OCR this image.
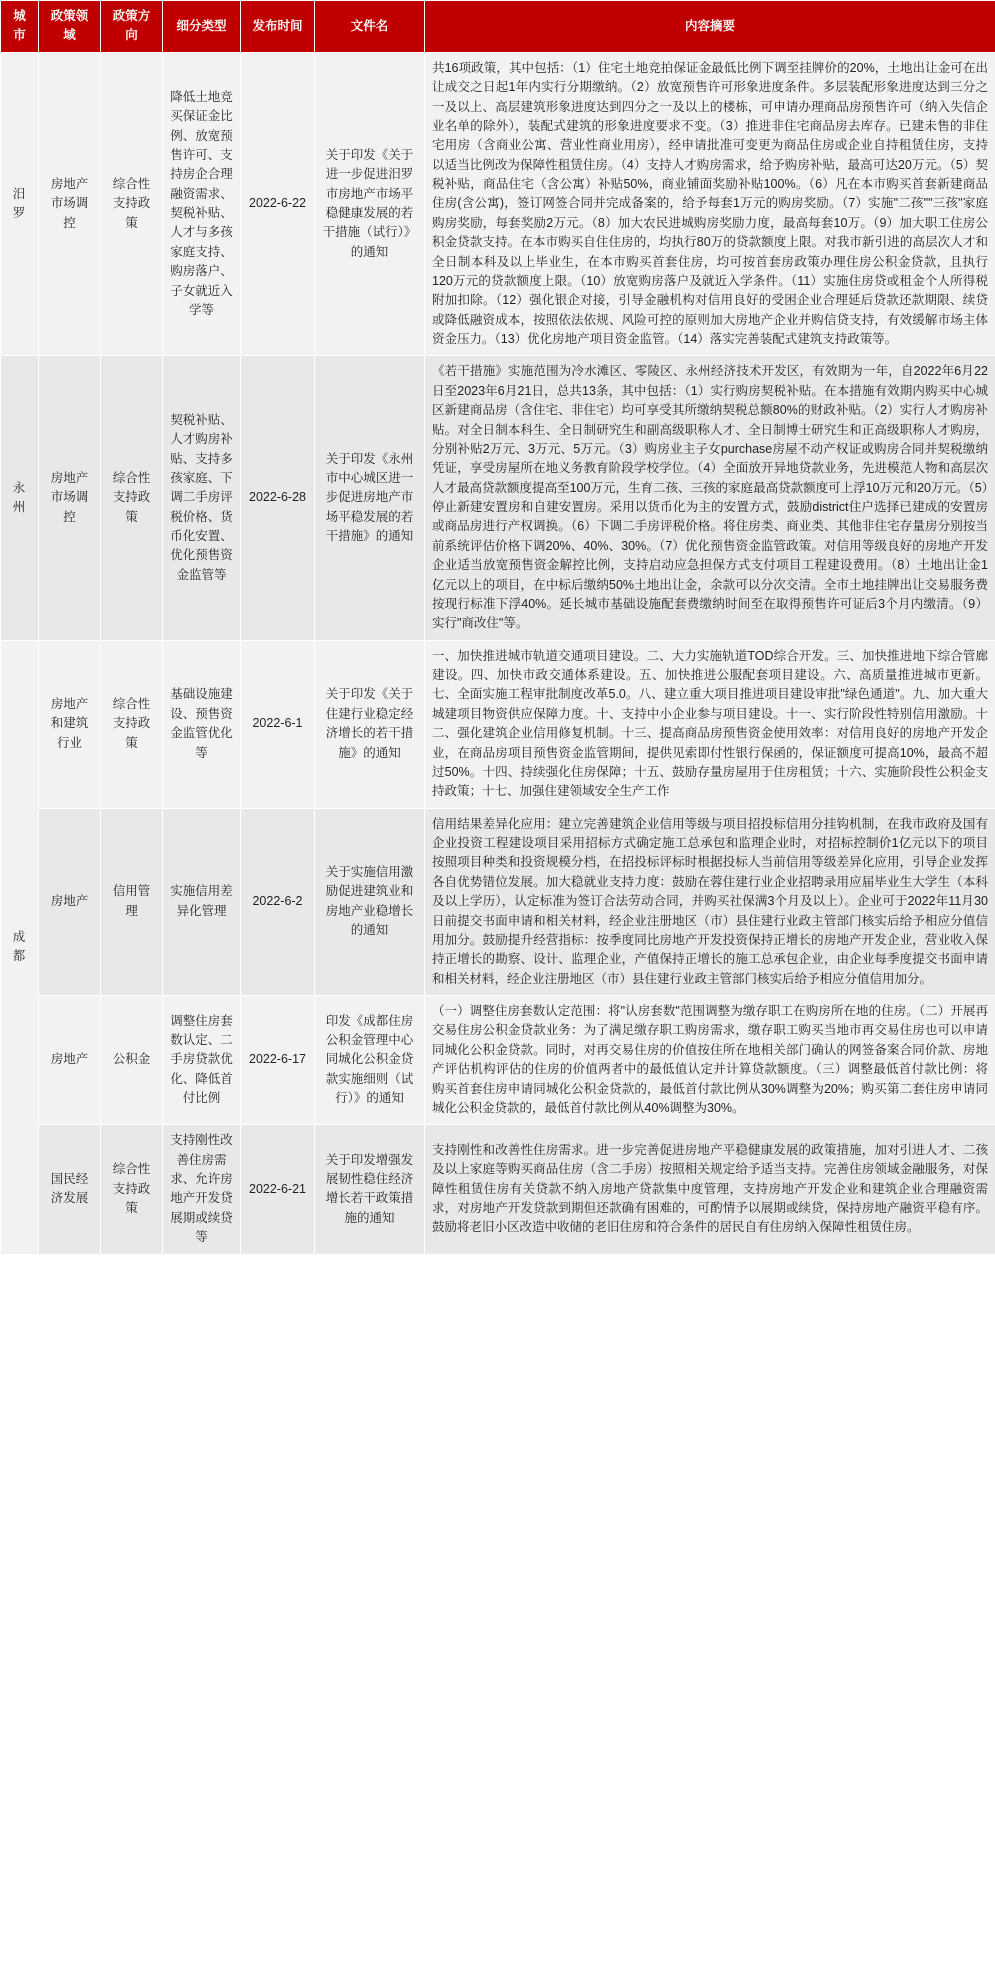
城市	政策领域	政策方向	细分类型	发布时间	文件名	内容摘要
汨罗	房地产市场调控	综合性支持政策	降低土地竞买保证金比例、放宽预售许可、支持房企合理融资需求、契税补贴、人才与多孩家庭支持、购房落户、子女就近入学等	2022-6-22	关于印发《关于进一步促进汨罗市房地产市场平稳健康发展的若干措施（试行）》的通知	共16项政策，其中包括：（1）住宅土地竞拍保证金最低比例下调至挂牌价的20%，土地出让金可在出让成交之日起1年内实行分期缴纳。（2）放宽预售许可形象进度条件。多层装配形象进度达到三分之一及以上、高层建筑形象进度达到四分之一及以上的楼栋，可申请办理商品房预售许可（纳入失信企业名单的除外），装配式建筑的形象进度要求不变。（3）推进非住宅商品房去库存。已建未售的非住宅用房（含商业公寓、营业性商业用房），经申请批准可变更为商品住房或企业自持租赁住房，支持以适当比例改为保障性租赁住房。（4）支持人才购房需求，给予购房补贴，最高可达20万元。（5）契税补贴，商品住宅（含公寓）补贴50%，商业铺面奖励补贴100%。（6）凡在本市购买首套新建商品住房(含公寓)，签订网签合同并完成备案的，给予每套1万元的购房奖励。（7）实施"二孩""三孩"家庭购房奖励，每套奖励2万元。（8）加大农民进城购房奖励力度，最高每套10万。（9）加大职工住房公积金贷款支持。在本市购买自住住房的，均执行80万的贷款额度上限。对我市新引进的高层次人才和全日制本科及以上毕业生，在本市购买首套住房，均可按首套房政策办理住房公积金贷款，且执行120万元的贷款额度上限。（10）放宽购房落户及就近入学条件。（11）实施住房贷或租金个人所得税附加扣除。（12）强化银企对接，引导金融机构对信用良好的受困企业合理延后贷款还款期限、续贷或降低融资成本，按照依法依规、风险可控的原则加大房地产企业并购信贷支持，有效缓解市场主体资金压力。（13）优化房地产项目资金监管。（14）落实完善装配式建筑支持政策等。
永州	房地产市场调控	综合性支持政策	契税补贴、人才购房补贴、支持多孩家庭、下调二手房评税价格、货币化安置、优化预售资金监管等	2022-6-28	关于印发《永州市中心城区进一步促进房地产市场平稳发展的若干措施》的通知	《若干措施》实施范围为冷水滩区、零陵区、永州经济技术开发区，有效期为一年，自2022年6月22日至2023年6月21日，总共13条，其中包括：（1）实行购房契税补贴。在本措施有效期内购买中心城区新建商品房（含住宅、非住宅）均可享受其所缴纳契税总额80%的财政补贴。（2）实行人才购房补贴。对全日制本科生、全日制研究生和副高级职称人才、全日制博士研究生和正高级职称人才购房，分别补贴2万元、3万元、5万元。（3）购房业主子女purchase房屋不动产权证或购房合同并契税缴纳凭证，享受房屋所在地义务教育阶段学校学位。（4）全面放开异地贷款业务，先进模范人物和高层次人才最高贷款额度提高至100万元，生育二孩、三孩的家庭最高贷款额度可上浮10万元和20万元。（5）停止新建安置房和自建安置房。采用以货币化为主的安置方式，鼓励district住户选择已建成的安置房或商品房进行产权调换。（6）下调二手房评税价格。将住房类、商业类、其他非住宅存量房分别按当前系统评估价格下调20%、40%、30%。（7）优化预售资金监管政策。对信用等级良好的房地产开发企业适当放宽预售资金解控比例，支持启动应急担保方式支付项目工程建设费用。（8）土地出让金1亿元以上的项目，在中标后缴纳50%土地出让金，余款可以分次交清。全市土地挂牌出让交易服务费按现行标准下浮40%。延长城市基础设施配套费缴纳时间至在取得预售许可证后3个月内缴清。（9）实行"商改住"等。
成都	房地产和建筑行业	综合性支持政策	基础设施建设、预售资金监管优化等	2022-6-1	关于印发《关于住建行业稳定经济增长的若干措施》的通知	一、加快推进城市轨道交通项目建设。二、大力实施轨道TOD综合开发。三、加快推进地下综合管廊建设。四、加快市政交通体系建设。五、加快推进公服配套项目建设。六、高质量推进城市更新。七、全面实施工程审批制度改革5.0。八、建立重大项目推进项目建设审批"绿色通道"。九、加大重大城建项目物资供应保障力度。十、支持中小企业参与项目建设。十一、实行阶段性特别信用激励。十二、强化建筑企业信用修复机制。十三、提高商品房预售资金使用效率：对信用良好的房地产开发企业，在商品房项目预售资金监管期间，提供见索即付性银行保函的，保证额度可提高10%，最高不超过50%。十四、持续强化住房保障；十五、鼓励存量房屋用于住房租赁；十六、实施阶段性公积金支持政策；十七、加强住建领域安全生产工作
	房地产	信用管理	实施信用差异化管理	2022-6-2	关于实施信用激励促进建筑业和房地产业稳增长的通知	信用结果差异化应用：建立完善建筑企业信用等级与项目招投标信用分挂钩机制，在我市政府及国有企业投资工程建设项目采用招标方式确定施工总承包和监理企业时，对招标控制价1亿元以下的项目按照项目种类和投资规模分档，在招投标评标时根据投标人当前信用等级差异化应用，引导企业发挥各自优势错位发展。加大稳就业支持力度：鼓励在蓉住建行业企业招聘录用应届毕业生大学生（本科及以上学历），认定标准为签订合法劳动合同，并购买社保满3个月及以上）。企业可于2022年11月30日前提交书面申请和相关材料，经企业注册地区（市）县住建行业政主管部门核实后给予相应分值信用加分。鼓励提升经营指标：按季度同比房地产开发投资保持正增长的房地产开发企业，营业收入保持正增长的勘察、设计、监理企业，产值保持正增长的施工总承包企业，由企业每季度提交书面申请和相关材料，经企业注册地区（市）县住建行业政主管部门核实后给予相应分值信用加分。
	房地产	公积金	调整住房套数认定、二手房贷款优化、降低首付比例	2022-6-17	印发《成都住房公积金管理中心同城化公积金贷款实施细则（试行）》的通知	（一）调整住房套数认定范围：将"认房套数"范围调整为缴存职工在购房所在地的住房。（二）开展再交易住房公积金贷款业务：为了满足缴存职工购房需求，缴存职工购买当地市再交易住房也可以申请同城化公积金贷款。同时，对再交易住房的价值按住所在地相关部门确认的网签备案合同价款、房地产评估机构评估的住房的价值两者中的最低值认定并计算贷款额度。（三）调整最低首付款比例：将购买首套住房申请同城化公积金贷款的，最低首付款比例从30%调整为20%；购买第二套住房申请同城化公积金贷款的，最低首付款比例从40%调整为30%。
	国民经济发展	综合性支持政策	支持刚性改善住房需求、允许房地产开发贷展期或续贷等	2022-6-21	关于印发增强发展韧性稳住经济增长若干政策措施的通知	支持刚性和改善性住房需求。进一步完善促进房地产平稳健康发展的政策措施，加对引进人才、二孩及以上家庭等购买商品住房（含二手房）按照相关规定给予适当支持。完善住房领域金融服务，对保障性租赁住房有关贷款不纳入房地产贷款集中度管理，支持房地产开发企业和建筑企业合理融资需求，对房地产开发贷款到期但还款确有困难的，可酌情予以展期或续贷，保持房地产融资平稳有序。鼓励将老旧小区改造中收储的老旧住房和符合条件的居民自有住房纳入保障性租赁住房。
